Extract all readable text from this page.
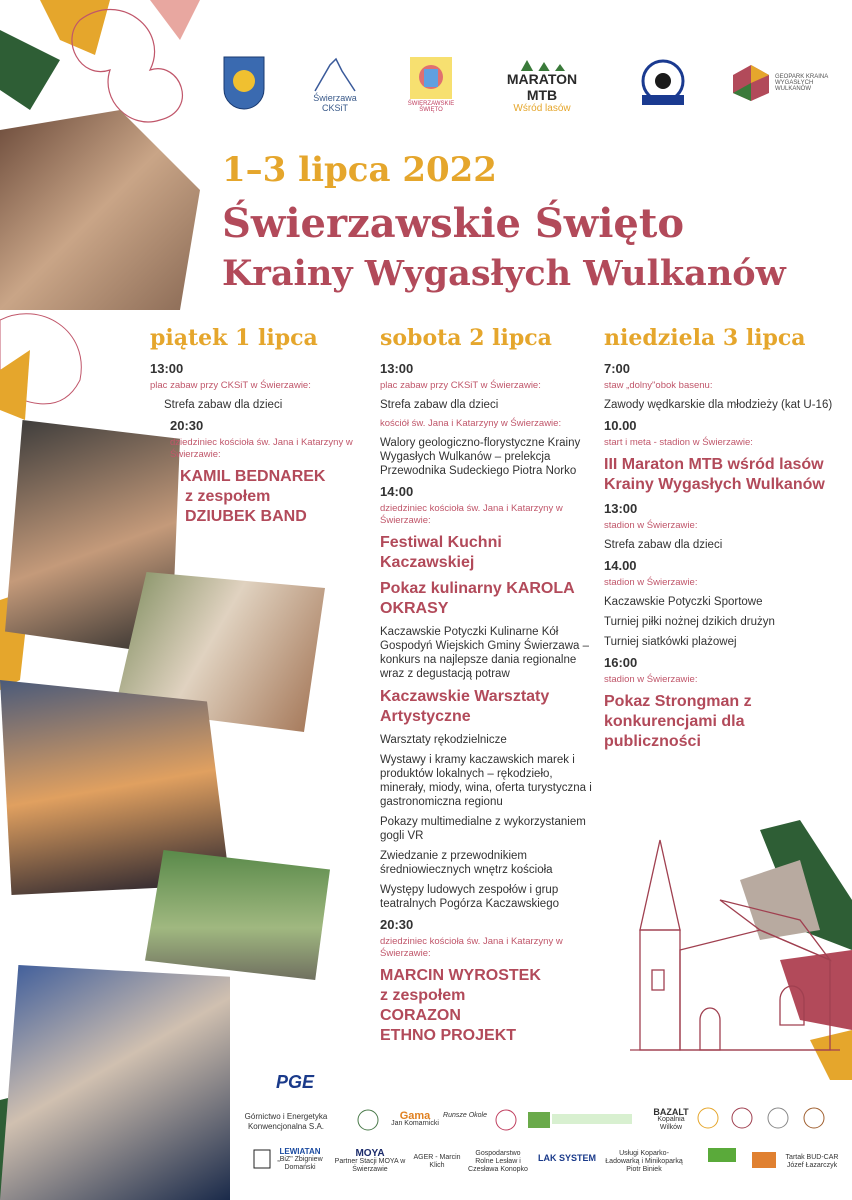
Świerzawa CKSiT	ŚWIERZAWSKIE ŚWIĘTO
MARATON MTB
Wśród lasów
GEOPARK KRAINA WYGASŁYCH WULKANÓW
1–3 lipca 2022
Świerzawskie Święto
Krainy Wygasłych Wulkanów
piątek 1 lipca
13:00
plac zabaw przy CKSiT w Świerzawie:
Strefa zabaw dla dzieci
20:30
dziedziniec kościoła św. Jana i Katarzyny w Świerzawie:
KAMIL BEDNAREK
z zespołem
DZIUBEK BAND
sobota 2 lipca
13:00
plac zabaw przy CKSiT w Świerzawie:
Strefa zabaw dla dzieci
kościół św. Jana i Katarzyny w Świerzawie:
Walory geologiczno-florystyczne Krainy Wygasłych Wulkanów – prelekcja Przewodnika Sudeckiego Piotra Norko
14:00
dziedziniec kościoła św. Jana i Katarzyny w Świerzawie:
Festiwal Kuchni Kaczawskiej
Pokaz kulinarny KAROLA OKRASY
Kaczawskie Potyczki Kulinarne Kół Gospodyń Wiejskich Gminy Świerzawa – konkurs na najlepsze dania regionalne wraz z degustacją potraw
Kaczawskie Warsztaty Artystyczne
Warsztaty rękodzielnicze
Wystawy i kramy kaczawskich marek i produktów lokalnych – rękodzieło, minerały, miody, wina, oferta turystyczna i gastronomiczna regionu
Pokazy multimedialne z wykorzystaniem gogli VR
Zwiedzanie z przewodnikiem średniowiecznych wnętrz kościoła
Występy ludowych zespołów i grup teatralnych Pogórza Kaczawskiego
20:30
dziedziniec kościoła św. Jana i Katarzyny w Świerzawie:
MARCIN WYROSTEK
z zespołem
CORAZON
ETHNO PROJEKT
niedziela 3 lipca
7:00
staw „dolny"obok basenu:
Zawody wędkarskie dla młodzieży (kat U-16)
10.00
start i meta - stadion w Świerzawie:
III Maraton MTB wśród lasów Krainy Wygasłych Wulkanów
13:00
stadion w Świerzawie:
Strefa zabaw dla dzieci
14.00
stadion w Świerzawie:
Kaczawskie Potyczki Sportowe
Turniej piłki nożnej dzikich drużyn
Turniej siatkówki plażowej
16:00
stadion w Świerzawie:
Pokaz Strongman z konkurencjami dla publiczności
PGE
Górnictwo i Energetyka Konwencjonalna S.A.
Gama
Jan Komarnicki
Runsze Okole	BAZALT
Kopalnia Wilków
LEWIATAN
„BiZ" Zbigniew Domański
MOYA
Partner Stacji MOYA w Świerzawie
AGER - Marcin Klich
Gospodarstwo Rolne Lesław i Czesława Konopko
LAK SYSTEM	Usługi Koparko-Ładowarką i Minikoparką Piotr Biniek
Tartak BUD-CAR Józef Łazarczyk
